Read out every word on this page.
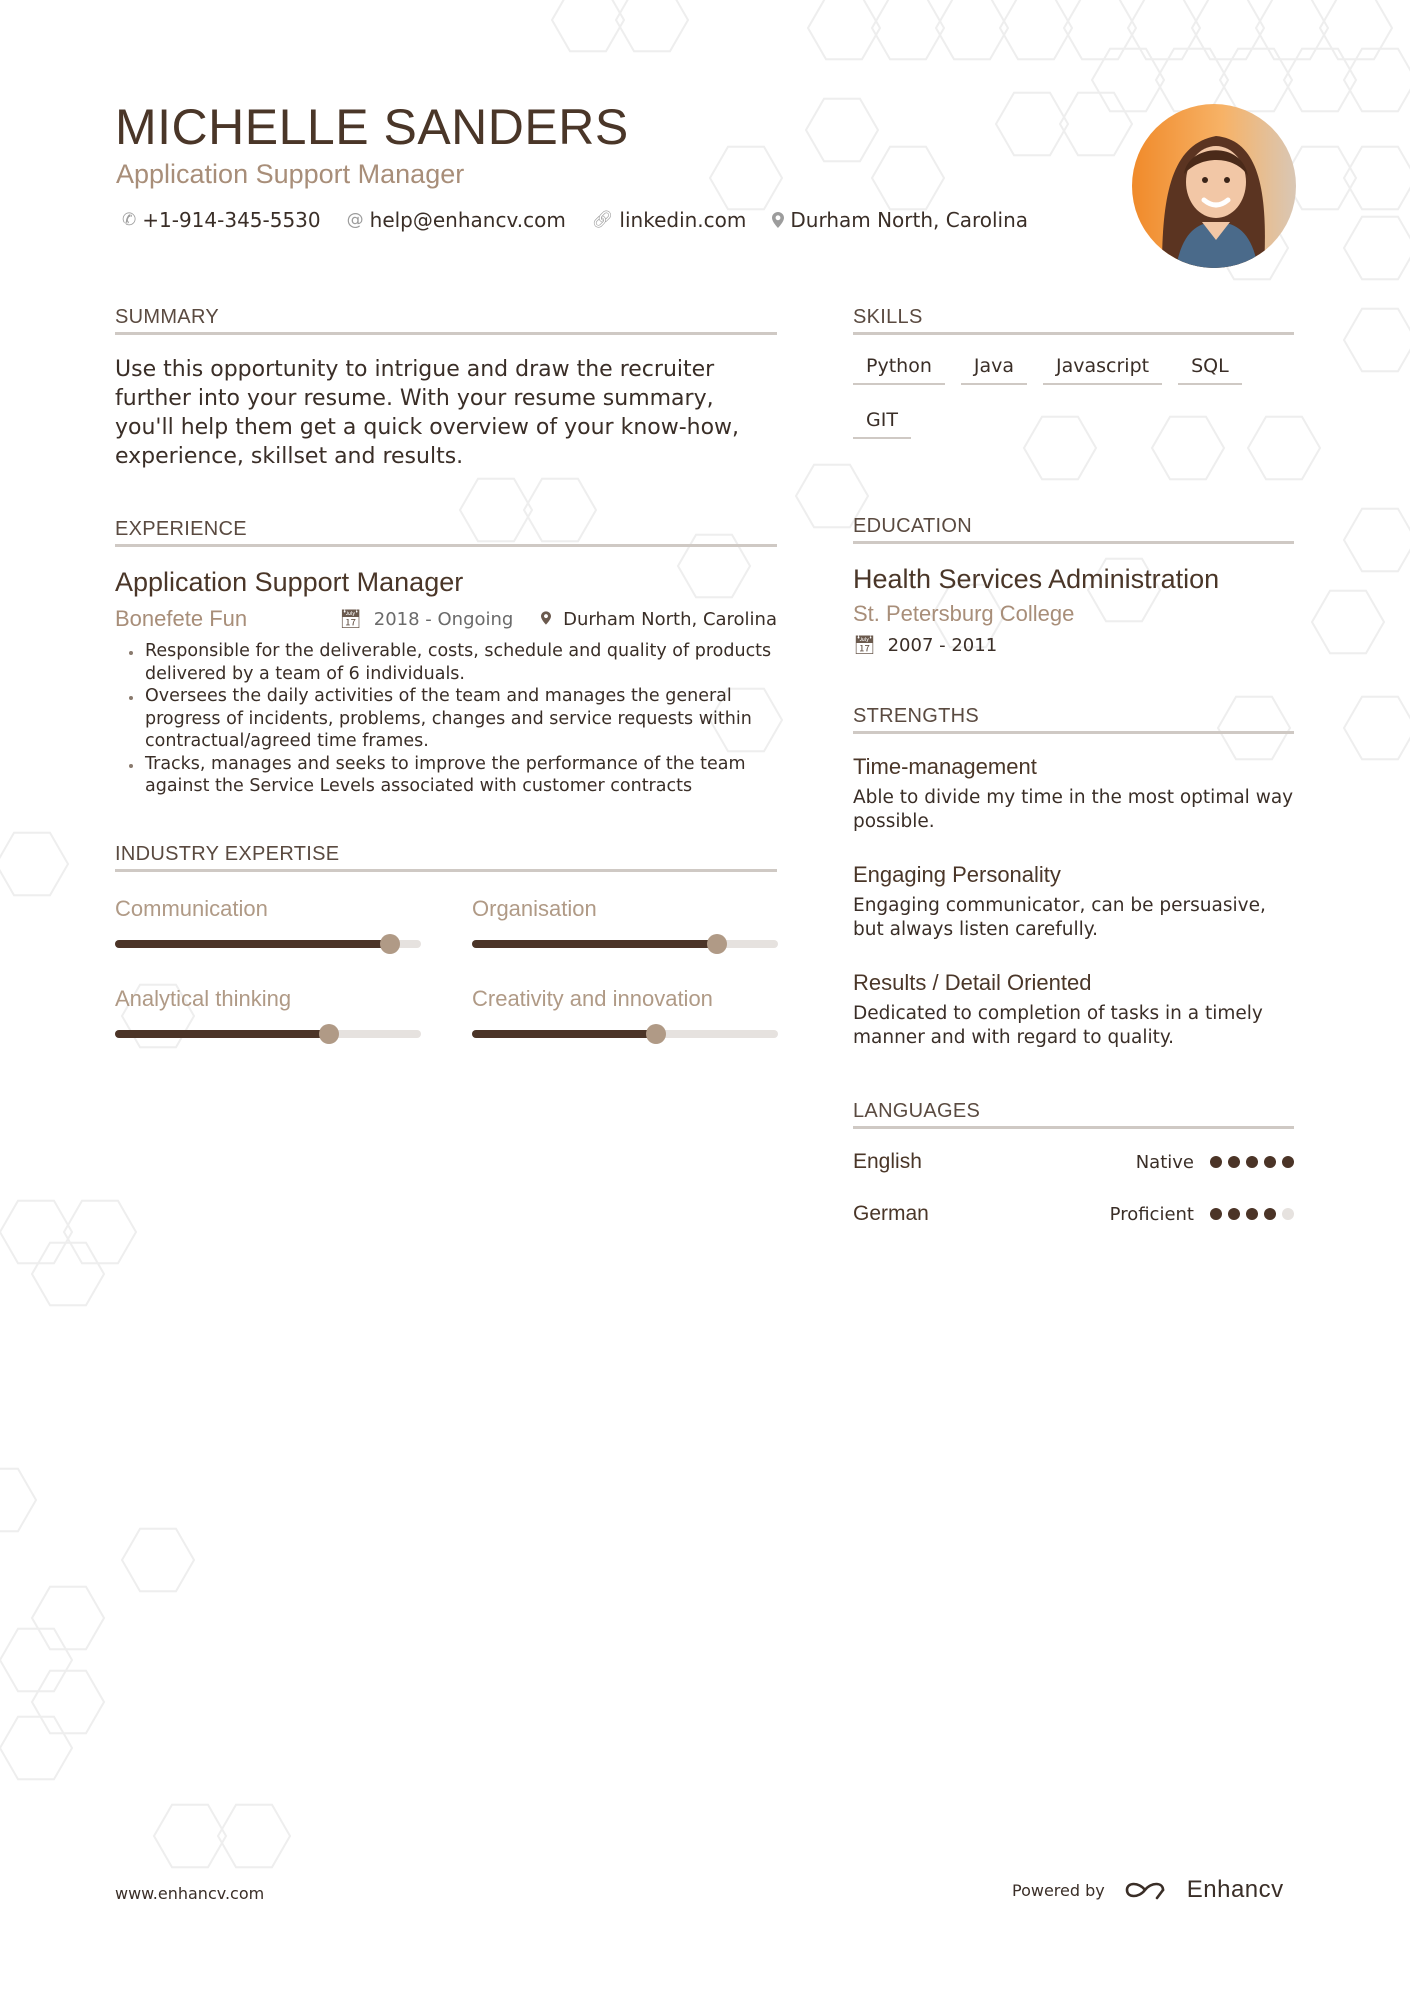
MICHELLE SANDERS
Application Support Manager
✆ +1-914-345-5530 @ help@enhancv.com 🔗︎ linkedin.com Durham North, Carolina
SUMMARY
Use this opportunity to intrigue and draw the recruiter further into your resume. With your resume summary, you'll help them get a quick overview of your know-how, experience, skillset and results.
EXPERIENCE
Application Support Manager
Bonefete Fun	📅︎ 2018 - Ongoing	Durham North, Carolina
• Responsible for the deliverable, costs, schedule and quality of products delivered by a team of 6 individuals.
• Oversees the daily activities of the team and manages the general progress of incidents, problems, changes and service requests within contractual/agreed time frames.
• Tracks, manages and seeks to improve the performance of the team against the Service Levels associated with customer contracts
INDUSTRY EXPERTISE
Communication	Organisation
Analytical thinking	Creativity and innovation
SKILLS
Python	Java	Javascript	SQL
GIT
EDUCATION
Health Services Administration
St. Petersburg College
📅︎ 2007 - 2011
STRENGTHS
Time-management
Able to divide my time in the most optimal way possible.
Engaging Personality
Engaging communicator, can be persuasive, but always listen carefully.
Results / Detail Oriented
Dedicated to completion of tasks in a timely manner and with regard to quality.
LANGUAGES
English	Native
German	Proficient
www.enhancv.com	Powered by	Enhancv
